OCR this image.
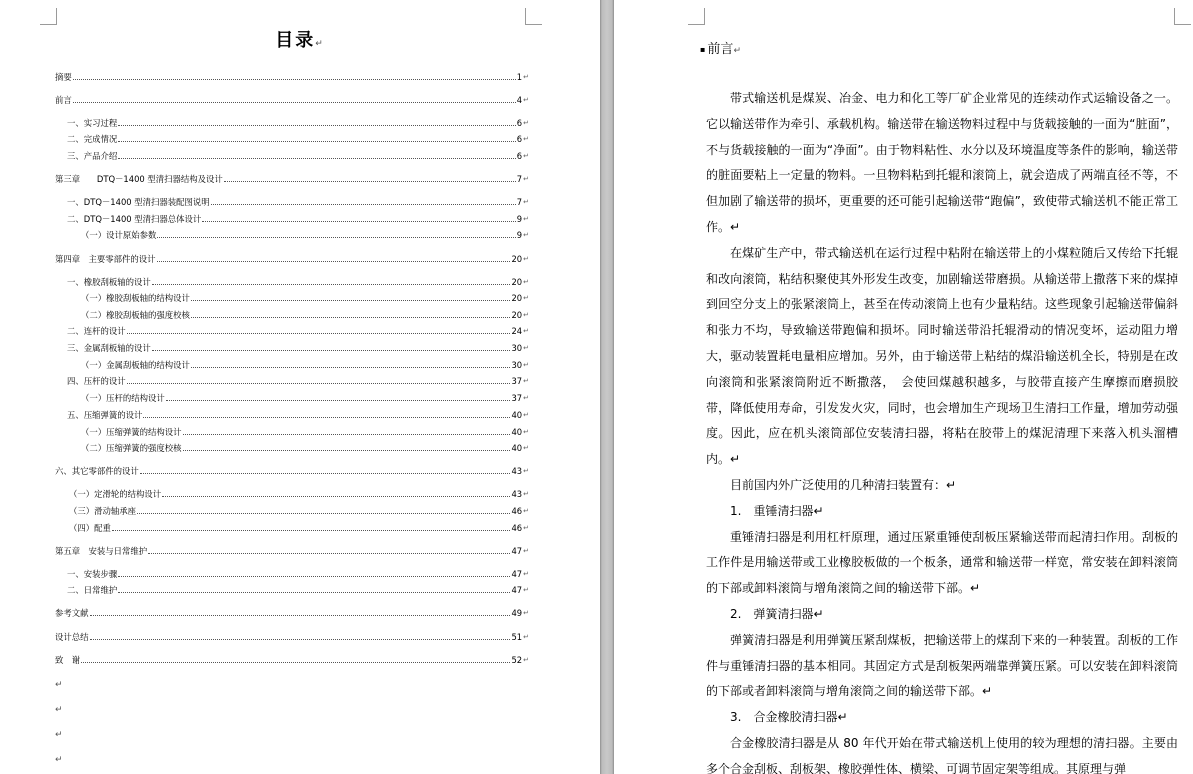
目录↵
摘要	1 ↵
前言	4 ↵
一、实习过程	6 ↵
二、完成情况	6 ↵
三、产品介绍	6 ↵
第三章　　DTQ－1400 型清扫器结构及设计	7 ↵
一、DTQ－1400 型清扫器装配图说明	7 ↵
二、DTQ－1400 型清扫器总体设计	9 ↵
（一）设计原始参数	9 ↵
第四章　主要零部件的设计	20 ↵
一、橡胶刮板轴的设计	20 ↵
（一）橡胶刮板轴的结构设计	20 ↵
（二）橡胶刮板轴的强度校核	20 ↵
二、连杆的设计	24 ↵
三、金属刮板轴的设计	30 ↵
（一）金属刮板轴的结构设计	30 ↵
四、压杆的设计	37 ↵
（一）压杆的结构设计	37 ↵
五、压缩弹簧的设计	40 ↵
（一）压缩弹簧的结构设计	40 ↵
（二）压缩弹簧的强度校核	40 ↵
六、其它零部件的设计	43 ↵
（一）定滑轮的结构设计	43 ↵
（三）滑动轴承座	46 ↵
（四）配重	46 ↵
第五章　安装与日常维护	47 ↵
一、安装步骤	47 ↵
二、日常维护	47 ↵
参考文献	49 ↵
设计总结	51 ↵
致　谢	52 ↵
↵
↵
↵
↵
▪ 前言↵

带式输送机是煤炭、冶金、电力和化工等厂矿企业常见的连续动作式运输设备之一。它以输送带作为牵引、承载机构。输送带在输送物料过程中与货载接触的一面为“脏面”，不与货载接触的一面为“净面”。由于物料粘性、水分以及环境温度等条件的影响，输送带的脏面要粘上一定量的物料。一旦物料粘到托辊和滚筒上，就会造成了两端直径不等，不但加剧了输送带的损坏，更重要的还可能引起输送带“跑偏”，致使带式输送机不能正常工作。↵

在煤矿生产中，带式输送机在运行过程中粘附在输送带上的小煤粒随后又传给下托辊和改向滚筒，粘结积聚使其外形发生改变，加剧输送带磨损。从输送带上撒落下来的煤掉到回空分支上的张紧滚筒上，甚至在传动滚筒上也有少量粘结。这些现象引起输送带偏斜和张力不均，导致输送带跑偏和损坏。同时输送带沿托辊滑动的情况变坏，运动阻力增大，驱动装置耗电量相应增加。另外，由于输送带上粘结的煤沿输送机全长，特别是在改向滚筒和张紧滚筒附近不断撒落，　会使回煤越积越多，与胶带直接产生摩擦而磨损胶带，降低使用寿命，引发发火灾，同时，也会增加生产现场卫生清扫工作量，增加劳动强度。因此，应在机头滚筒部位安装清扫器，将粘在胶带上的煤泥清理下来落入机头溜槽内。↵

目前国内外广泛使用的几种清扫装置有：↵

1.　重锤清扫器↵

重锤清扫器是利用杠杆原理，通过压紧重锤使刮板压紧输送带而起清扫作用。刮板的工作件是用输送带或工业橡胶板做的一个板条，通常和输送带一样宽，常安装在卸料滚筒的下部或卸料滚筒与增角滚筒之间的输送带下部。↵

2.　弹簧清扫器↵

弹簧清扫器是利用弹簧压紧刮煤板，把输送带上的煤刮下来的一种装置。刮板的工作件与重锤清扫器的基本相同。其固定方式是刮板架两端靠弹簧压紧。可以安装在卸料滚筒的下部或者卸料滚筒与增角滚筒之间的输送带下部。↵

3.　合金橡胶清扫器↵

合金橡胶清扫器是从 80 年代开始在带式输送机上使用的较为理想的清扫器。主要由多个合金刮板、刮板架、橡胶弹性体、横梁、可调节固定架等组成。其原理与弹
